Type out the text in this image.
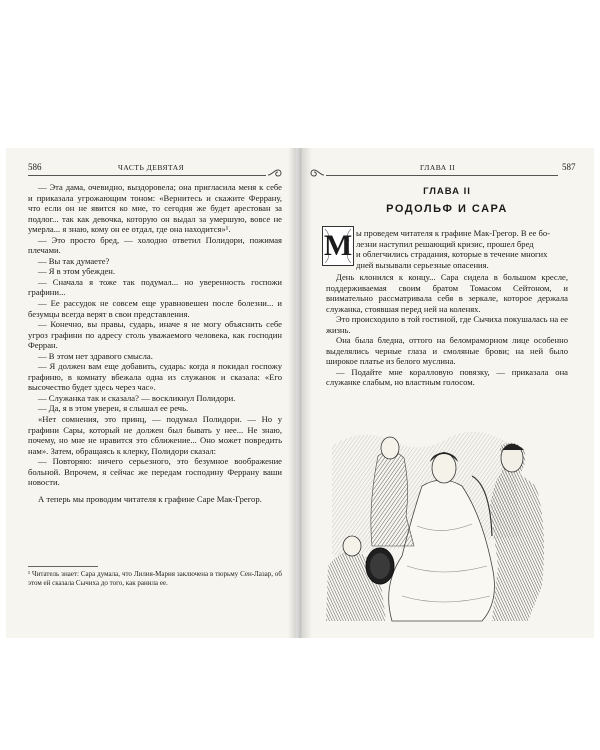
586	ЧАСТЬ ДЕВЯТАЯ

— Эта дама, очевидно, выздоровела; она пригласила меня к себе и приказала угрожающим тоном: «Вернитесь и скажите Феррану, что если он не явится ко мне, то сегодня же будет арестован за подлог... так как девочка, которую он выдал за умершую, вовсе не умерла... я знаю, кому он ее отдал, где она находится»¹.

— Это просто бред, — холодно ответил Полидори, пожимая плечами.

— Вы так думаете?

— Я в этом убежден.

— Сначала я тоже так подумал... но уверенность госпожи графини...

— Ее рассудок не совсем еще уравновешен после болезни... и безумцы всегда верят в свои представления.

— Конечно, вы правы, сударь, иначе я не могу объяснить себе угроз графини по адресу столь уважаемого человека, как господин Ферран.

— В этом нет здравого смысла.

— Я должен вам еще добавить, сударь: когда я покидал госпожу графиню, в комнату вбежала одна из служанок и сказала: «Его высочество будет здесь через час».

— Служанка так и сказала? — воскликнул Полидори.

— Да, я в этом уверен, я слышал ее речь.

«Нет сомнения, это принц, — подумал Полидори. — Но у графини Сары, который не должен был бывать у нее... Не знаю, почему, но мне не нравится это сближение... Оно может повредить нам». Затем, обращаясь к клерку, Полидори сказал:

— Повторяю: ничего серьезного, это безумное воображение больной. Впрочем, я сейчас же передам господину Феррану ваши новости.

А теперь мы проводим читателя к графине Саре Мак-Грегор.

¹ Читатель знает: Сара думала, что Лилия-Мария заключена в тюрьму Сен-Лазар, об этом ей сказала Сычиха до того, как ранила ее.
ГЛАВА II	587
ГЛАВА II
РОДОЛЬФ И САРА
М ы проведем читателя к графине Мак-Грегор. В ее бо-
лезни наступил решающий кризис, прошел бред
и облегчились страдания, которые в течение многих
дней вызывали серьезные опасения.

День клонился к концу... Сара сидела в большом кресле, поддерживаемая своим братом Томасом Сейтоном, и внимательно рассматривала себя в зеркале, которое держала служанка, стоявшая перед ней на коленях.

Это происходило в той гостиной, где Сычиха покушалась на ее жизнь.

Она была бледна, оттого на беломраморном лице особенно выделялись черные глаза и смоляные брови; на ней было широкое платье из белого муслина.

— Подайте мне коралловую повязку, — приказала она служанке слабым, но властным голосом.
